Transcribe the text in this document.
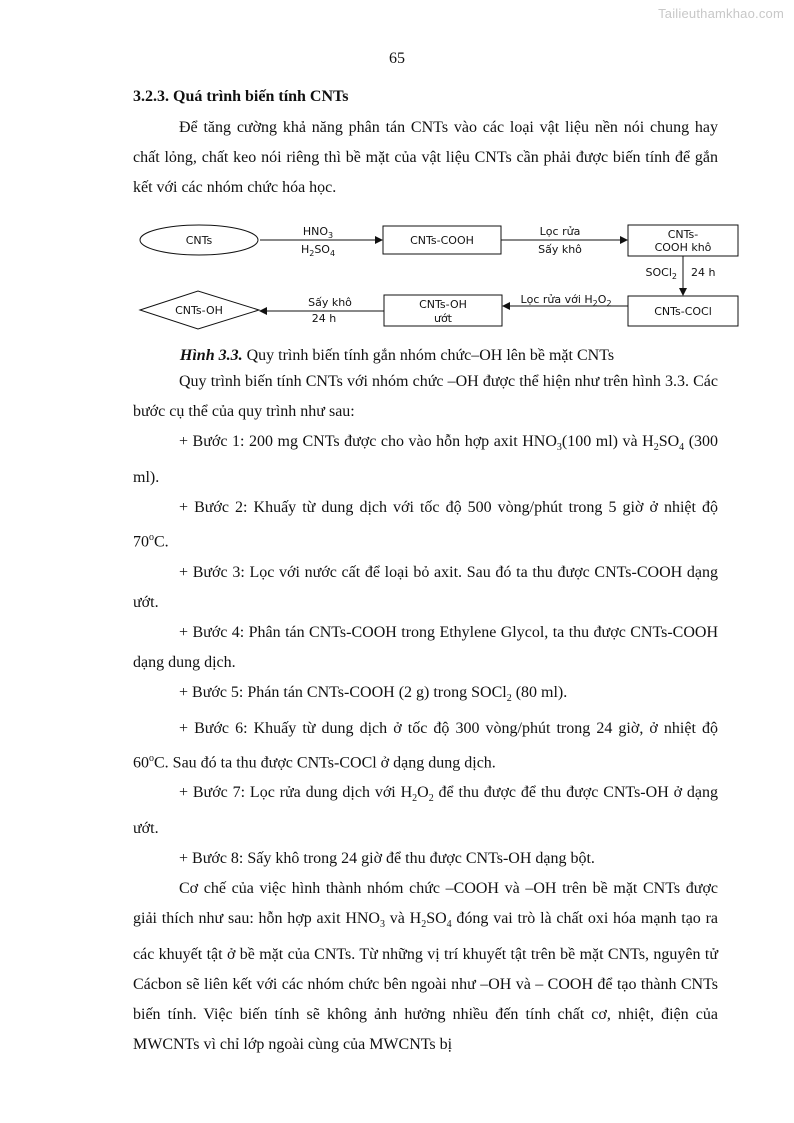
Tailieuthamkhao.com
65
3.2.3. Quá trình biến tính CNTs

Để tăng cường khả năng phân tán CNTs vào các loại vật liệu nền nói chung hay chất lỏng, chất keo nói riêng thì bề mặt của vật liệu CNTs cần phải được biến tính để gắn kết với các nhóm chức hóa học.

CNTs
$HNO_3$
$H_2SO_4$
CNTs-COOH
Lọc rửa
Sấy khô
CNTs-
COOH khô
SOCl$_2$ 24 h
CNTs-COCl
Lọc rửa với $H_2O_2$
CNTs-OH
ướt
Sấy khô
24 h
CNTs-OH
Hình 3.3. Quy trình biến tính gắn nhóm chức–OH lên bề mặt CNTs

Quy trình biến tính CNTs với nhóm chức –OH được thể hiện như trên hình 3.3. Các bước cụ thể của quy trình như sau:

+ Bước 1: 200 mg CNTs được cho vào hỗn hợp axit $HNO_3(100$ ml) và $H_2SO_4$ (300 ml).

+ Bước 2: Khuấy từ dung dịch với tốc độ 500 vòng/phút trong 5 giờ ở nhiệt độ 70$^o$C.

+ Bước 3: Lọc với nước cất để loại bỏ axit. Sau đó ta thu được CNTs-COOH dạng ướt.

+ Bước 4: Phân tán CNTs-COOH trong Ethylene Glycol, ta thu được CNTs-COOH dạng dung dịch.

+ Bước 5: Phán tán CNTs-COOH (2 g) trong SOCl$_2$ (80 ml).

+ Bước 6: Khuấy từ dung dịch ở tốc độ 300 vòng/phút trong 24 giờ, ở nhiệt độ 60$^o$C. Sau đó ta thu được CNTs-COCl ở dạng dung dịch.

+ Bước 7: Lọc rửa dung dịch với $H_2O_2$ để thu được để thu được CNTs-OH ở dạng ướt.

+ Bước 8: Sấy khô trong 24 giờ để thu được CNTs-OH dạng bột.

Cơ chế của việc hình thành nhóm chức –COOH và –OH trên bề mặt CNTs được giải thích như sau: hỗn hợp axit $HNO_3$ và $H_2SO_4$ đóng vai trò là chất oxi hóa mạnh tạo ra các khuyết tật ở bề mặt của CNTs. Từ những vị trí khuyết tật trên bề mặt CNTs, nguyên tử Cácbon sẽ liên kết với các nhóm chức bên ngoài như –OH và – COOH để tạo thành CNTs biến tính. Việc biến tính sẽ không ảnh hưởng nhiều đến tính chất cơ, nhiệt, điện của MWCNTs vì chỉ lớp ngoài cùng của MWCNTs bị
